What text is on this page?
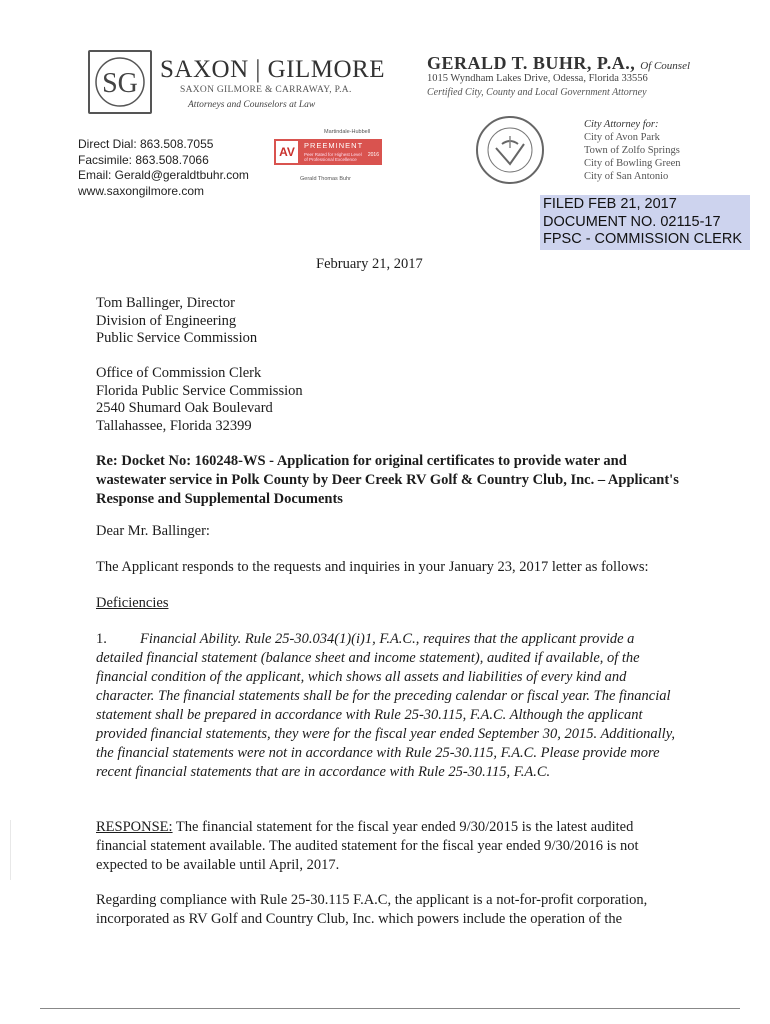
SG SAXON | GILMORE
SAXON GILMORE & CARRAWAY, P.A.
Attorneys and Counselors at Law
Direct Dial: 863.508.7055
Facsimile: 863.508.7066
Email: Gerald@geraldtbuhr.com
www.saxongilmore.com
Martindale-Hubbell
AV	PREEMINENT
Peer Rated for Highest Level of Professional Excellence
2016
Gerald Thomas Buhr
GERALD T. BUHR, P.A., Of Counsel
1015 Wyndham Lakes Drive, Odessa, Florida 33556
Certified City, County and Local Government Attorney
City Attorney for:
City of Avon Park
Town of Zolfo Springs
City of Bowling Green
City of San Antonio
FILED FEB 21, 2017
DOCUMENT NO. 02115-17
FPSC - COMMISSION CLERK
February 21, 2017
Tom Ballinger, Director
Division of Engineering
Public Service Commission
Office of Commission Clerk
Florida Public Service Commission
2540 Shumard Oak Boulevard
Tallahassee, Florida 32399
Re: Docket No: 160248-WS - Application for original certificates to provide water and wastewater service in Polk County by Deer Creek RV Golf & Country Club, Inc. – Applicant's Response and Supplemental Documents
Dear Mr. Ballinger:
The Applicant responds to the requests and inquiries in your January 23, 2017 letter as follows:
Deficiencies
1. Financial Ability. Rule 25-30.034(1)(i)1, F.A.C., requires that the applicant provide a detailed financial statement (balance sheet and income statement), audited if available, of the financial condition of the applicant, which shows all assets and liabilities of every kind and character. The financial statements shall be for the preceding calendar or fiscal year. The financial statement shall be prepared in accordance with Rule 25-30.115, F.A.C. Although the applicant provided financial statements, they were for the fiscal year ended September 30, 2015. Additionally, the financial statements were not in accordance with Rule 25-30.115, F.A.C. Please provide more recent financial statements that are in accordance with Rule 25-30.115, F.A.C.
RESPONSE: The financial statement for the fiscal year ended 9/30/2015 is the latest audited financial statement available. The audited statement for the fiscal year ended 9/30/2016 is not expected to be available until April, 2017.
Regarding compliance with Rule 25-30.115 F.A.C, the applicant is a not-for-profit corporation, incorporated as RV Golf and Country Club, Inc. which powers include the operation of the
